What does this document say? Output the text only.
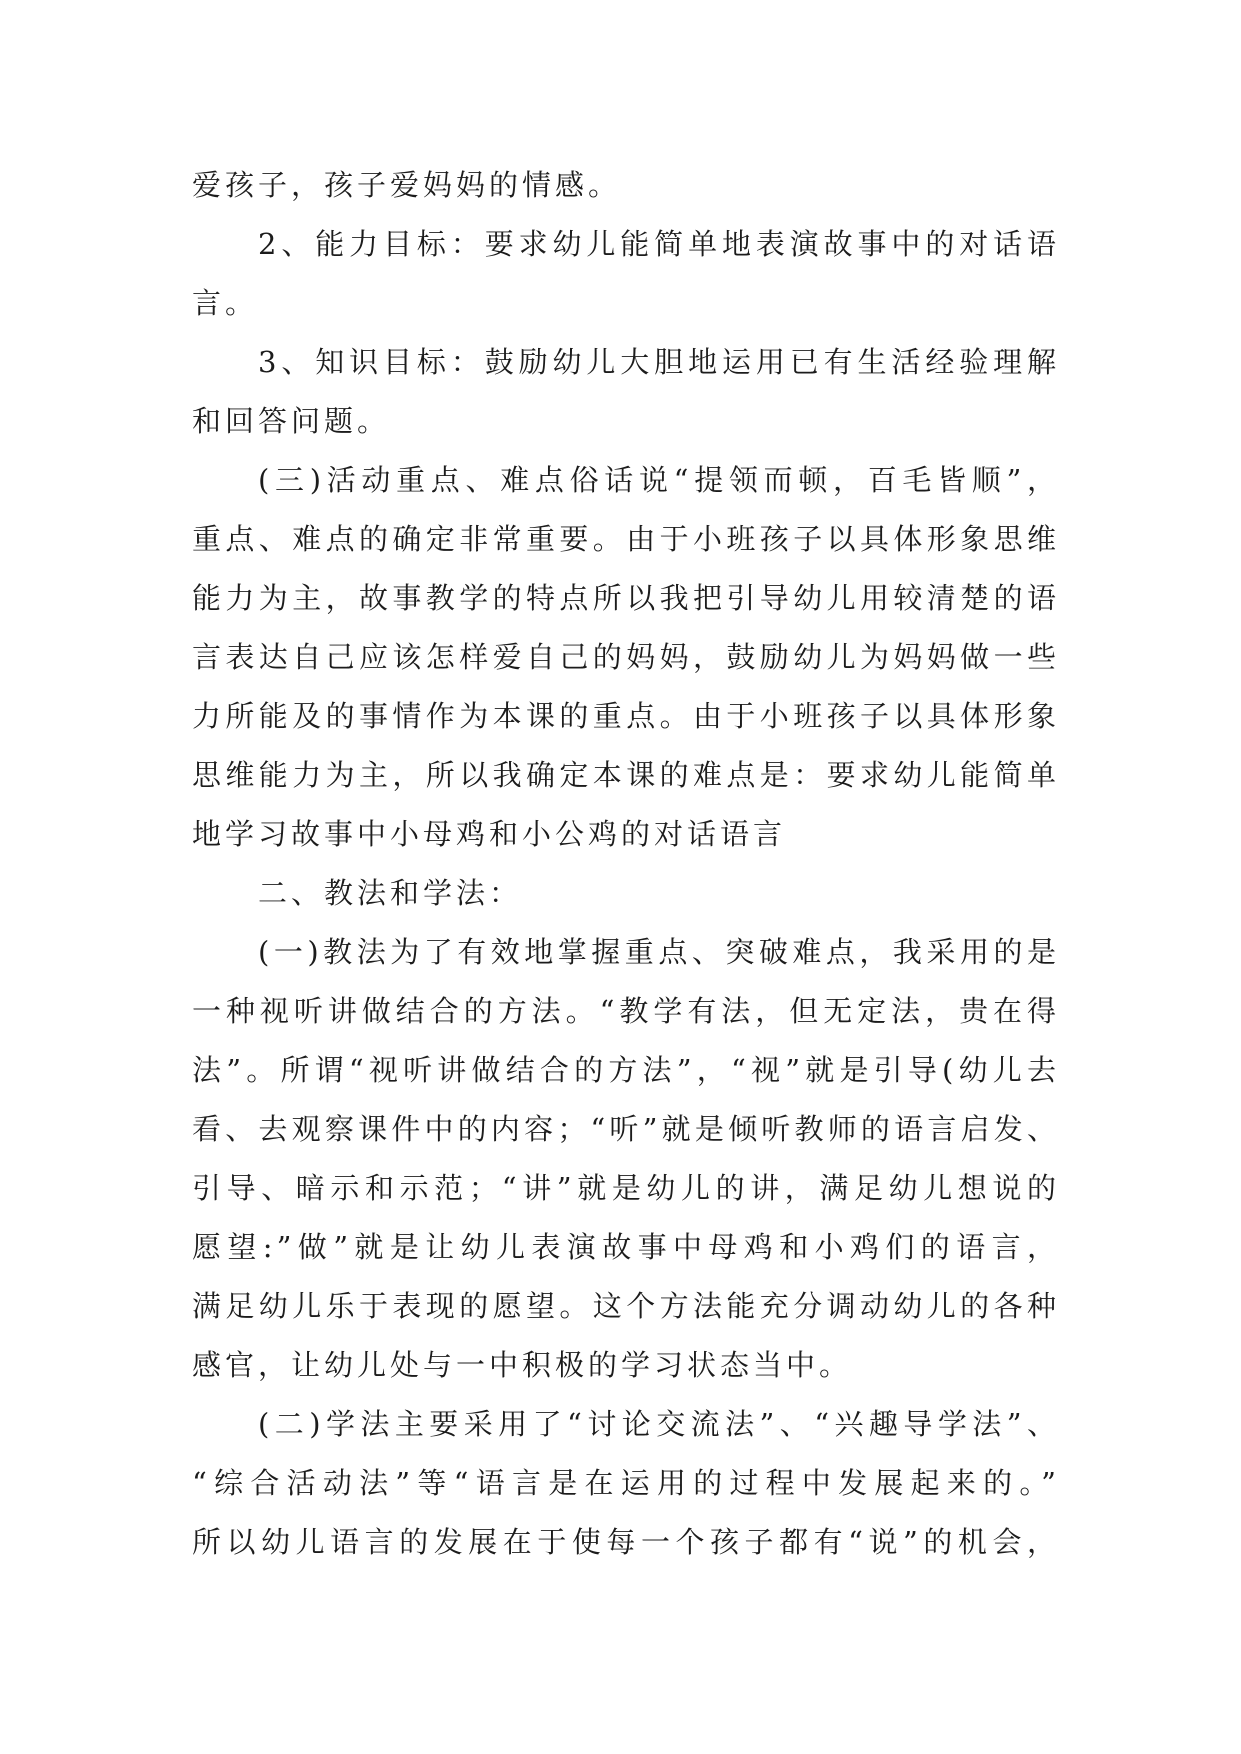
爱孩子，孩子爱妈妈的情感。
2、能力目标：要求幼儿能简单地表演故事中的对话语
言。
3、知识目标：鼓励幼儿大胆地运用已有生活经验理解
和回答问题。
(三)活动重点、难点俗话说“提领而顿，百毛皆顺”，
重点、难点的确定非常重要。由于小班孩子以具体形象思维
能力为主，故事教学的特点所以我把引导幼儿用较清楚的语
言表达自己应该怎样爱自己的妈妈，鼓励幼儿为妈妈做一些
力所能及的事情作为本课的重点。由于小班孩子以具体形象
思维能力为主，所以我确定本课的难点是：要求幼儿能简单
地学习故事中小母鸡和小公鸡的对话语言
二、教法和学法：
(一)教法为了有效地掌握重点、突破难点，我采用的是
一种视听讲做结合的方法。“教学有法，但无定法，贵在得
法”。所谓“视听讲做结合的方法”，“视”就是引导(幼儿去
看、去观察课件中的内容；“听”就是倾听教师的语言启发、
引导、暗示和示范；“讲”就是幼儿的讲，满足幼儿想说的
愿望:”做”就是让幼儿表演故事中母鸡和小鸡们的语言，
满足幼儿乐于表现的愿望。这个方法能充分调动幼儿的各种
感官，让幼儿处与一中积极的学习状态当中。
(二)学法主要采用了“讨论交流法”、“兴趣导学法”、
“综合活动法”等“语言是在运用的过程中发展起来的。”
所以幼儿语言的发展在于使每一个孩子都有“说”的机会，
